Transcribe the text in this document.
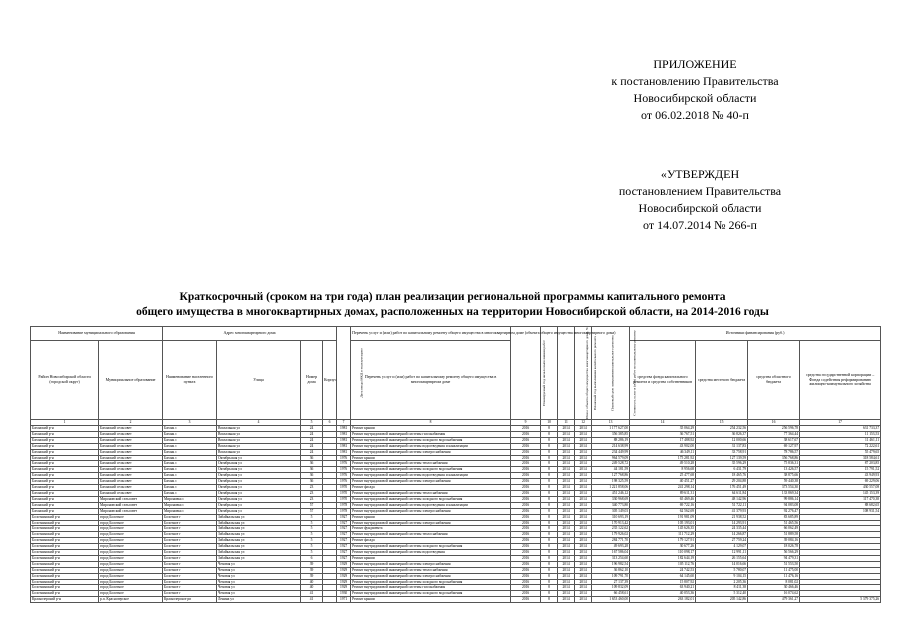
ПРИЛОЖЕНИЕ
к постановлению Правительства
Новосибирской области
от 06.02.2018 № 40-п
«УТВЕРЖДЕН
постановлением Правительства
Новосибирской области
от 14.07.2014 № 266-п
Краткосрочный (сроком на три года) план реализации региональной программы капитального ремонта
общего имущества в многоквартирных домах, расположенных на территории Новосибирской области, на 2014-2016 годы
Наименование муниципального образования		Адрес многоквартирного дома				Дата ввода МКД в эксплуатацию	Перечень услуг и (или) работ по капитальному ремонту общего имущества в многоквартирном доме (объекта общего имущества многоквартирного дома)	Планируемый год начала выполнения работ	Износ объекта общего имущества многоквартирного дома, %	Плановый год выполнения капитального ремонта	Плановый срок завершения капитального ремонта	Стоимость услуг и (или) работ по капитальному ремонту	Источники финансирования (руб.)			
Район Новосибирской области (городской округ)	Муниципальное образование	Наименование населенного пункта	Улица	Номер дома	Корпус		Перечень услуг и (или) работ по капитальному ремонту общего имущества в многоквартирном доме						средства фонда капитального ремонта и средства собственников	средства местного бюджета	средства областного бюджета	средства государственной корпорации – Фонда содействия реформированию жилищно-коммунального хозяйства
1	2	3	4	5	6	7	8	9	10	11	12	13	14	15	16	17
Баганский р-н	Баганский сельсовет	Багань с	Вокзальная ул	24		1981	Ремонт крыши	2016	8	2014	2014	1 177 627,00	35 064,29	254 232,56	256 596,78	631 733,37
Баганский р-н	Баганский сельсовет	Багань с	Вокзальная ул	24		1981	Ремонт внутридомовой инженерной системы газоснабжения	2016	8	2014	2014	356 385,85	36 767,51	36 826,37	77 364,44	11 153,53
Баганский р-н	Баганский сельсовет	Багань с	Вокзальная ул	24		1981	Ремонт внутридомовой инженерной системы холодного водоснабжения	2016	8	2014	2014	88 286,19	17 488,92	12 000,66	38 617,67	11 461,11
Баганский р-н	Баганский сельсовет	Багань с	Вокзальная ул	24		1981	Ремонт внутридомовой инженерной системы водоотведения и канализации	2016	8	2014	2014	214 638,99	43 902,00	31 137,83	69 127,97	72 222,61
Баганский р-н	Баганский сельсовет	Багань с	Вокзальная ул	24		1981	Ремонт внутридомовой инженерной системы электроснабжения	2016	8	2014	2014	234 449,99	46 349,11	33 758,91	78 786,57	55 479,65
Баганский р-н	Баганский сельсовет	Багань с	Октябрьская ул	36		1976	Ремонт крыши	2016	8	2014	2014	964 579,09	175 281,92	127 139,59	356 768,86	318 584,61
Баганский р-н	Баганский сельсовет	Багань с	Октябрьская ул	36		1976	Ремонт внутридомовой инженерной системы теплоснабжения	2016	8	2014	2014	249 528,72	49 510,28	35 596,29	75 836,31	87 203,85
Баганский р-н	Баганский сельсовет	Багань с	Октябрьская ул	36		1976	Ремонт внутридомовой инженерной системы холодного водоснабжения	2016	8	2014	2014	44 181,59	8 956,68	6 431,79	13 426,57	15 791,52
Баганский р-н	Баганский сельсовет	Багань с	Октябрьская ул	36		1976	Ремонт внутридомовой инженерной системы водоотведения и канализации	2016	8	2014	2014	127 768,86	25 477,68	18 465,76	38 875,66	43 949,93
Баганский р-н	Баганский сельсовет	Багань с	Октябрьская ул	36		1976	Ремонт внутридомовой инженерной системы электроснабжения	2016	8	2014	2014	198 325,59	40 451,27	29 204,88	59 440,38	69 229,06
Баганский р-н	Баганский сельсовет	Багань с	Октябрьская ул	23		1970	Ремонт фасада	2016	8	2014	2014	1 221 858,06	241 298,14	176 451,49	373 554,30	430 557,08
Баганский р-н	Баганский сельсовет	Багань с	Октябрьская ул	23		1970	Ремонт внутридомовой инженерной системы теплоснабжения	2016	8	2014	2014	451 246,12	89 611,31	64 611,84	133 869,34	145 153,39
Баганский р-н	Мироновский сельсовет	Мироновка с	Октябрьская ул	23		1970	Ремонт внутридомовой инженерной системы холодного водоснабжения	2016	8	2014	2014	330 968,69	65 469,46	48 142,96	99 886,14	117 470,38
Баганский р-н	Мироновский сельсовет	Мироновка с	Октябрьская ул	57		1978	Ремонт внутридомовой инженерной системы водоотведения и канализации	2016	8	2014	2014	340 773,80	69 722,16	51 722,11	94 083,08	88 682,65
Баганский р-н	Мироновский сельсовет	Мироновка с	Октябрьская ул	57		1978	Ремонт внутридомовой инженерной системы электроснабжения	2016	8	2014	2014	305 149,03	62 562,69	41 379,93	92 276,47	108 931,54
Болотнинский р-н	город Болотное	Болотное г	Забайкальская ул	5		1927	Ремонт крыши	2016	8	2014	2014	310 693,19	191 981,09	21 938,52	83 685,89	
Болотнинский р-н	город Болотное	Болотное г	Забайкальская ул	5		1927	Ремонт внутридомовой инженерной системы электроснабжения	2016	8	2014	2014	170 913,42	105 193,01	14 293,91	51 465,56	
Болотнинский р-н	город Болотное	Болотное г	Забайкальская ул	5		1927	Ремонт фундамента	2016	8	2014	2014	235 122,62	145 626,35	24 335,44	66 062,49	
Болотнинский р-н	город Болотное	Болотное г	Забайкальская ул	5		1927	Ремонт внутридомовой инженерной системы теплоснабжения	2016	8	2014	2014	179 926,02	111 712,29	14 266,87	51 889,58	
Болотнинский р-н	город Болотное	Болотное г	Забайкальская ул	5		1927	Ремонт фасада	2016	8	2014	2014	284 771,70	179 127,91	27 759,24	39 084,16	
Болотнинский р-н	город Болотное	Болотное г	Забайкальская ул	5		1927	Ремонт внутридомовой инженерной системы холодного водоснабжения	2016	8	2014	2014	49 693,28	30 677,26	4 129,07	18 026,78	
Болотнинский р-н	город Болотное	Болотное г	Забайкальская ул	5		1927	Ремонт внутридомовой инженерной системы водоотведения	2016	8	2014	2014	167 586,04	110 098,17	12 991,11	56 566,29	
Болотнинский р-н	город Болотное	Болотное г	Забайкальская ул	6		1927	Ремонт крыши	2016	8	2014	2014	313 254,60	182 644,19	26 155,64	94 479,31	
Болотнинский р-н	город Болотное	Болотное г	Чеховая ул	39		1929	Ремонт внутридомовой инженерной системы электроснабжения	2016	8	2014	2014	196 982,54	105 112,76	14 016,66	51 553,50	
Болотнинский р-н	город Болотное	Болотное г	Чеховая ул	39		1929	Ремонт внутридомовой инженерной системы теплоснабжения	2016	8	2014	2014	36 862,10	24 742,53	5 780,07	11 475,00	
Болотнинский р-н	город Болотное	Болотное г	Чеховая ул	39		1929	Ремонт внутридомовой инженерной системы электроснабжения	2016	8	2014	2014	109 791,70	64 145,60	9 104,15	11 476,16	
Болотнинский р-н	город Болотное	Болотное г	Чеховая ул	40		1929	Ремонт внутридомовой инженерной системы холодного водоснабжения	2016	8	2014	2014	27 137,39	15 807,92	2 205,36	8 081,02	
Болотнинский р-н	город Болотное	Болотное г	Чеховая ул	40		1929	Ремонт внутридомовой инженерной системы газоснабжения	2016	8	2014	2014	109 832,09	63 940,21	8 411,38	30 466,46	
Болотнинский р-н	город Болотное	Болотное г	Чеховая ул	41		1930	Ремонт внутридомовой инженерной системы холодного водоснабжения	2016	8	2014	2014	66 458,61	40 053,36	5 312,40	16 074,62	
Краснозерский р-н	р.п. Краснозерское	Краснозерское рп	Ленина ул	41		1971	Ремонт крыши	2016	8	2014	2014	1 653 460,00	263 182,01	205 142,86	479 361,27	5 379 375,26
